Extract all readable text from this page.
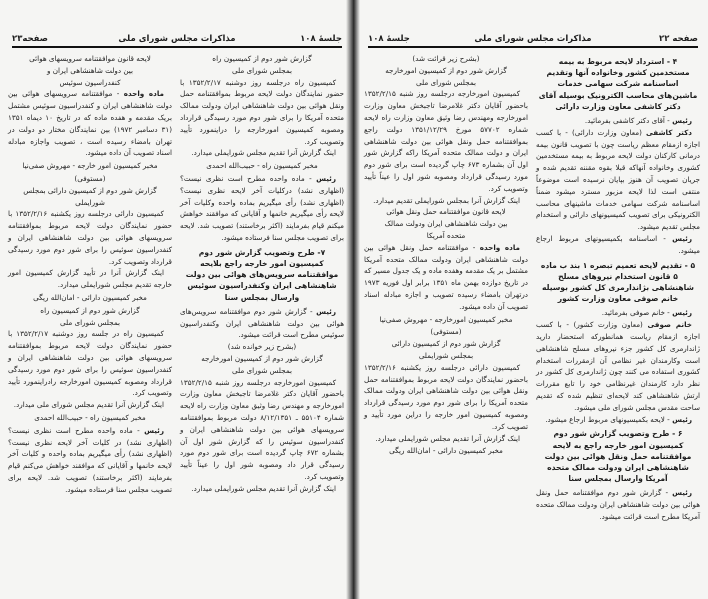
جلسهٔ ۱۰۸
مذاکرات مجلس شورای ملی
صفحه۲۳
گزارش شور دوم از کمیسیون راه
بمجلس شورای ملی
کمیسیون راه درجلسه روز دوشنبه ۱۳۵۲/۲/۱۷ با حضور نمایندگان دولت لایحه مربوط بموافقتنامه حمل ونقل هوائی بین دولت شاهنشاهی ایران ودولت ممالک متحده آمریکا را برای شور دوم مورد رسیدگی قرارداد ومصوبه کمیسیون امورخارجه را دراینمورد تأیید وتصویب کرد.
اینک گزارش آنرا تقدیم مجلس شورایملی میدارد.
مخبر کمیسیون راه - حبیب‌الله احمدی
رئیس - ماده واحده مطرح است نظری نیست؟ (اظهاری نشد) درکلیات آخر لایحه نظری نیست؟ (اظهاری نشد) رأی میگیریم بماده واحده وکلیات آخر لایحه رأی میگیریم خانمها و آقایانی که موافقند خواهش میکنم قیام بفرمایند (اکثر برخاستند) تصویب شد. لایحه برای تصویب مجلس سنا فرستاده میشود.
۷- طرح وتصویب گزارش شور دوم کمیسیون امور خارجه راجع بلایحه موافقتنامه سرویس‌های هوائی بین دولت شاهنشاهی ایران وکنفدراسیون سوئیس وارسال بمجلس سنا
رئیس - گزارش شور دوم موافقتنامه سرویس‌های هوائی بین دولت شاهنشاهی ایران وکنفدراسیون سوئیس مطرح است قرائت میشود.
(بشرح زیر خوانده شد)
گزارش شور دوم از کمیسیون امورخارجه
بمجلس شورای ملی
کمیسیون امورخارجه درجلسه روز شنبه ۱۳۵۲/۲/۱۵ باحضور آقایان دکتر غلامرضا تاجبخش معاون وزارت امورخارجه و مهندس رضا وثیق معاون وزارت راه لایحه شماره ۵۵۱۰۴ ـ ۸/۱۲/۱۳۵۱ دولت مربوط بموافقتنامه سرویسهای هوائی بین دولت شاهنشاهی ایران و کنفدراسیون سوئیس را که گزارش شور اول آن بشماره ۶۷۲ چاپ گردیده است برای شور دوم مورد رسیدگی قرار داد ومصوبه شور اول را عیناً تأیید وتصویب کرد.
اینک گزارش آنرا تقدیم مجلس شورایملی میدارد.
لایحه قانون موافقتنامه سرویسهای هوائی
بین دولت شاهنشاهی ایران و
کنفدراسیون سوئیس
ماده واحده - موافقتنامه سرویسهای هوائی بین دولت شاهنشاهی ایران و کنفدراسیون سوئیس مشتمل بریک مقدمه و هفده ماده که در تاریخ ۱۰ دیماه ۱۳۵۱ (۳۱ دسامبر ۱۹۷۲) بین نمایندگان مختار دو دولت در تهران بامضاء رسیده است ، تصویب واجازه مبادله اسناد تصویب آن داده میشود.
مخبر کمیسیون امور خارجه - مهروش صفی‌نیا
(مستوفی)
گزارش شور دوم از کمیسیون دارائی بمجلس شورایملی
کمیسیون دارائی درجلسه روز یکشنبه ۱۳۵۲/۲/۱۶ با حضور نمایندگان دولت لایحه مربوط بموافقتنامه سرویسهای هوائی بین دولت شاهنشاهی ایران و کنفدراسیون سوئیس را برای شور دوم مورد رسیدگی قرارداد وتصویب کرد.
اینک گزارش آنرا در تأیید گزارش کمیسیون امور خارجه تقدیم مجلس شورایملی میدارد.
مخبر کمیسیون دارائی - امان‌الله ریگی
گزارش شور دوم از کمیسیون راه
بمجلس شورای ملی
کمیسیون راه در جلسه روز دوشنبه ۱۳۵۲/۲/۱۷ با حضور نمایندگان دولت لایحه مربوط بموافقتنامه سرویسهای هوائی بین دولت شاهنشاهی ایران و کنفدراسیون سوئیس را برای شور دوم مورد رسیدگی قرارداد ومصوبه کمیسیون امورخارجه رادراینمورد تأیید وتصویب کرد.
اینک گزارش آنرا تقدیم مجلس شورای ملی میدارد.
مخبر کمیسیون راه - حبیب‌الله احمدی
رئیس - ماده واحده مطرح است نظری نیست؟ (اظهاری نشد) در کلیات آخر لایحه نظری نیست؟ (اظهاری نشد) رأی میگیریم بماده واحده و کلیات آخر لایحه خانمها و آقایانی که موافقند خواهش می‌کنم قیام بفرمایند (اکثر برخاستند) تصویب شد. لایحه برای تصویب مجلس سنا فرستاده میشود.
صفحه ۲۲
مذاکرات مجلس شورای ملی
جلسهٔ ۱۰۸
۴ - استرداد لایحه مربوط به بیمه مستخدمین کشور وخانواده آنها وتقدیم اساسنامه شرکت سهامی خدمات ماشین‌های محاسب الکترونیک بوسیله آقای دکتر کاشفی معاون وزارت دارائی
رئیس - آقای دکتر کاشفی بفرمائید.
دکتر کاشفی (معاون وزارت دارائی) - با کسب اجازه ازمقام معظم ریاست چون با تصویب قانون بیمه درمانی کارکنان دولت لایحه مربوط به بیمه مستخدمین کشوری وخانواده آنهاکه قبلا بقوه مقننه تقدیم شده و جریان تصویب آن هنوز بپایان نرسیده است موضوعاً منتفی است لذا لایحه مزبور مسترد میشود ضمناً اساسنامه شرکت سهامی خدمات ماشینهای محاسب الکترونیکی برای تصویب کمیسیونهای دارائی و استخدام مجلس تقدیم میشود.
رئیس - اساسنامه بکمیسیونهای مربوط ارجاع میشود.
۵ - تقدیم لایحه تعمیم تبصره ۱ بند ب ماده ۵ قانون استخدام نیروهای مسلح شاهنشاهی بژاندارمری کل کشور بوسیله خانم صوفی معاون وزارت کشور
رئیس - خانم صوفی بفرمائید.
خانم صوفی (معاون وزارت کشور) - با کسب اجازه ازمقام ریاست همانطورکه استحضار دارید ژاندارمری کل کشور جزء نیروهای مسلح شاهنشاهی است وکارمندان غیر نظامی آن ازمقررات استخدام کشوری استفاده می کنند چون ژاندارمری کل کشور در نظر دارد کارمندان غیرنظامی خود را تابع مقررات ارتش شاهنشاهی کند لایحه‌ای تنظیم شده که تقدیم ساحت مقدس مجلس شورای ملی میشود.
رئیس - لایحه بکمیسیونهای مربوط ارجاع میشود.
۶ - طرح وتصویب گزارش شور دوم کمیسیون امور خارجه راجع به لایحه موافقتنامه حمل ونقل هوائی بین دولت شاهنشاهی ایران ودولت ممالک متحده آمریکا وارسال بمجلس سنا
رئیس - گزارش شور دوم موافقتنامه حمل ونقل هوائی بین دولت شاهنشاهی ایران ودولت ممالک متحده آمریکا مطرح است قرائت میشود.
(بشرح زیر قرائت شد)
گزارش شور دوم از کمیسیون امورخارجه
بمجلس شورای ملی
کمیسیون امورخارجه درجلسه روز شنبه ۱۳۵۲/۲/۱۵ باحضور آقایان دکتر غلامرضا تاجبخش معاون وزارت امورخارجه ومهندس رضا وثیق معاون وزارت راه لایحه شماره ۵۷۷۰۲ مورخ ۱۳۵۱/۱۲/۲۹ دولت راجع بموافقتنامه حمل ونقل هوائی بین دولت شاهنشاهی ایران و دولت ممالک متحده آمریکا راکه گزارش شور اول آن بشماره ۶۷۳ چاپ گردیده است برای شور دوم مورد رسیدگی قرارداد ومصوبه شور اول را عیناً تأیید وتصویب کرد.
اینک گزارش آنرا بمجلس شورایملی تقدیم میدارد.
لایحه قانون موافقتنامه حمل ونقل هوائی
بین دولت شاهنشاهی ایران ودولت ممالک
متحده آمریکا
ماده واحده - موافقتنامه حمل ونقل هوائی بین دولت شاهنشاهی ایران ودولت ممالک متحده آمریکا مشتمل بر یک مقدمه وهفده ماده و یک جدول مسیر که در تاریخ دوازده بهمن ماه ۱۳۵۱ برابر اول فوریه ۱۹۷۳ درتهران بامضاء رسیده تصویب و اجازه مبادله اسناد تصویب آن داده میشود.
مخبر کمیسیون امورخارجه - مهروش صفی‌نیا
(مستوفی)
گزارش شور دوم از کمیسیون دارائی
بمجلس شورایملی
کمیسیون دارائی درجلسه روز یکشنبه ۱۳۵۲/۲/۱۶ باحضور نمایندگان دولت لایحه مربوط بموافقتنامه حمل ونقل هوائی بین دولت شاهنشاهی ایران ودولت ممالک متحده آمریکا را برای شور دوم مورد رسیدگی قرارداد ومصوبه کمیسیون امور خارجه را دراین مورد تأیید و تصویب کرد.
اینک گزارش آنرا تقدیم مجلس شورایملی میدارد.
مخبر کمیسیون دارائی - امان‌الله ریگی
